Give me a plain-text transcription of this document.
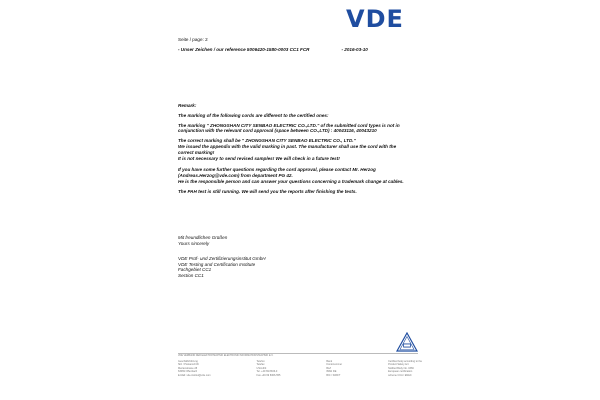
VDE
Seite / page: 2
- Unser Zeichen / our reference 5006420-1580-0003 CC1 FCR	- 2016-03-10
Remark:
The marking of the following cords are different to the certified ones:
The marking " ZHONGSHAN CITY SENBAO ELECTRIC CO.,LTD." of the submitted cord types is not in
conjunction with the relevant cord approval (space between CO.,LTD) : 40043116, 40043210
The correct marking shall be " ZHONGSHAN CITY SENBAO ELECTRIC CO., LTD."
We issued the appendix with the valid marking in past. The manufacturer shall use the cord with the
correct marking!
It is not necessary to send revised samples! We will check in a future test!
If you have some further questions regarding the cord approval, please contact Mr. Herzog
(Andreas.Herzog@vde.com) from department PG 42.
He is the responsible person and can answer your questions concerning a trademark change at cables.
The PAH test is still running. We will send you the reports after finishing the tests.
Mit freundlichen Grüßen
Yours sincerely
VDE Prüf- und Zertifizierungsinstitut GmbH
VDE Testing and Certification Institute
Fachgebiet CC1
Section CC1
VDE VERBAND DER ELEKTROTECHNIK ELEKTRONIK INFORMATIONSTECHNIK E.V.
Geschäftsführung
Sitz / Postanschrift
Merianstrasse 28
63069 Offenbach
E-Mail: vde-institut@vde.com
Telefon
Telefax
USt-IdNr.
Tel. +49 69 8306-0
Fax +49 69 8306-555
Bank
Kontonummer
BLZ
IBAN DE
BIC / SWIFT
Certified body according to the
Product Safety Act
Notified Body No. 0366
European certification
scheme CCA / ENEC
